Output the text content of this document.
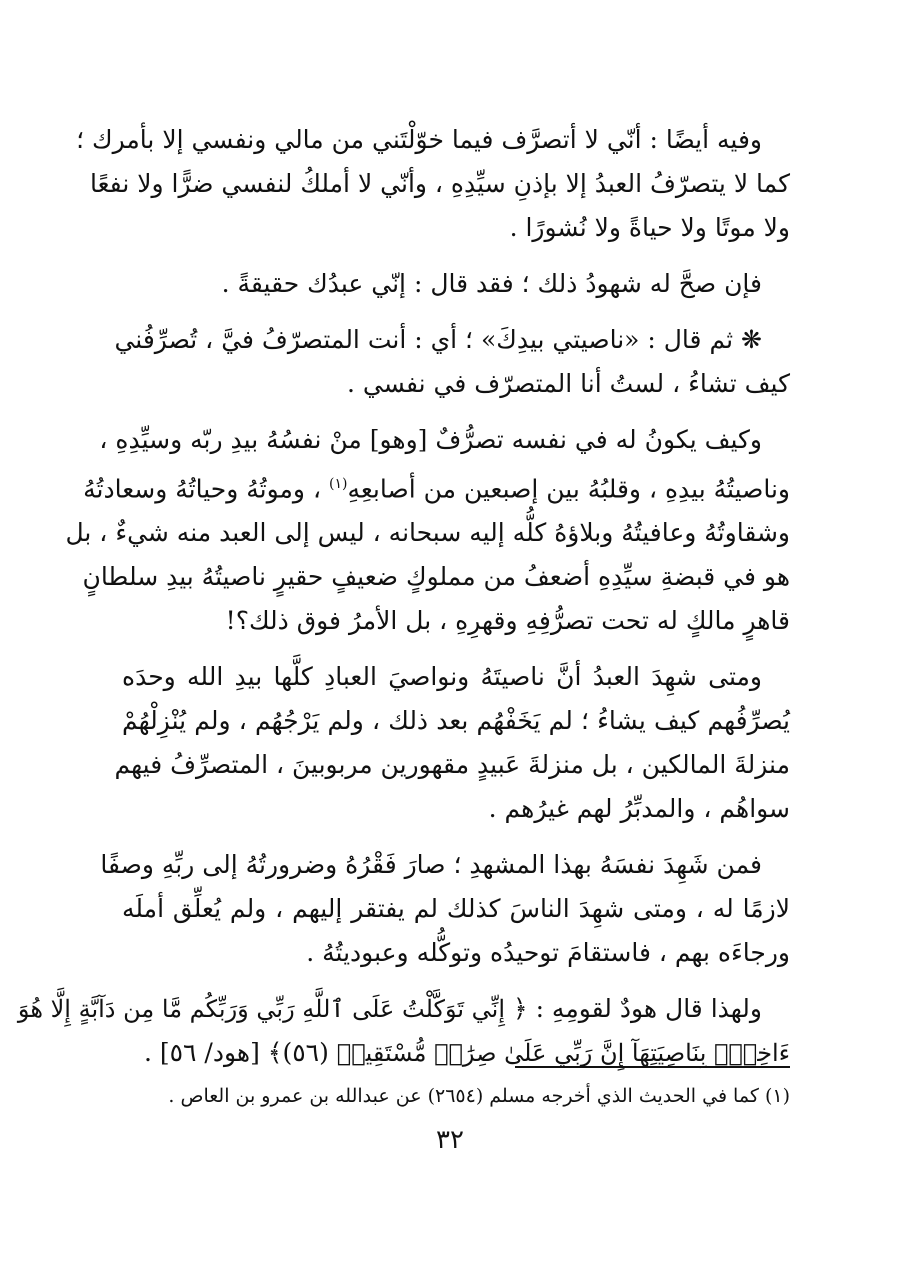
وفيه أيضًا : أنّي لا أتصرَّف فيما خوّلْتَني من مالي ونفسي إلا بأمرك ؛
كما لا يتصرّفُ العبدُ إلا بإذنِ سيِّدِهِ ، وأنّي لا أملكُ لنفسي ضرًّا ولا نفعًا
ولا موتًا ولا حياةً ولا نُشورًا .

فإن صحَّ له شهودُ ذلك ؛ فقد قال : إنّي عبدُك حقيقةً .

❋ثم قال : «ناصيتي بيدِكَ» ؛ أي : أنت المتصرّفُ فيَّ ، تُصرِّفُني
كيف تشاءُ ، لستُ أنا المتصرّف في نفسي .

وكيف يكونُ له في نفسه تصرُّفٌ [وهو] منْ نفسُهُ بيدِ ربّه وسيِّدِهِ ،
وناصيتُهُ بيدِهِ ، وقلبُهُ بين إصبعين من أصابعِهِ$^{(١)}$ ، وموتُهُ وحياتُهُ وسعادتُهُ
وشقاوتُهُ وعافيتُهُ وبلاؤهُ كلُّه إليه سبحانه ، ليس إلى العبد منه شيءٌ ، بل
هو في قبضةِ سيِّدِهِ أضعفُ من مملوكٍ ضعيفٍ حقيرٍ ناصيتُهُ بيدِ سلطانٍ
قاهرٍ مالكٍ له تحت تصرُّفِهِ وقهرِهِ ، بل الأمرُ فوق ذلك؟!

ومتى شهِدَ العبدُ أنَّ ناصيتَهُ ونواصيَ العبادِ كلَّها بيدِ الله وحدَه
يُصرِّفُهم كيف يشاءُ ؛ لم يَخَفْهُم بعد ذلك ، ولم يَرْجُهُم ، ولم يُنْزِلْهُمْ
منزلةَ المالكين ، بل منزلةَ عَبيدٍ مقهورين مربوبينَ ، المتصرِّفُ فيهم
سواهُم ، والمدبِّرُ لهم غيرُهم .

فمن شَهِدَ نفسَهُ بهذا المشهدِ ؛ صارَ فَقْرُهُ وضرورتُهُ إلى ربِّهِ وصفًا
لازمًا له ، ومتى شهِدَ الناسَ كذلك لم يفتقر إليهم ، ولم يُعلِّق أملَه
ورجاءَه بهم ، فاستقامَ توحيدُه وتوكُّله وعبوديتُهُ .

ولهذا قال هودٌ لقومِهِ : ﴿ إِنِّي تَوَكَّلْتُ عَلَى ٱللَّهِ رَبِّي وَرَبِّكُم مَّا مِن دَآبَّةٍ إِلَّا هُوَ
ءَاخِذُۢ بِنَاصِيَتِهَآ إِنَّ رَبِّي عَلَىٰ صِرَٰطٖ مُّسْتَقِيمٖ (٥٦)﴾ [هود/ ٥٦] .

(١) كما في الحديث الذي أخرجه مسلم (٢٦٥٤) عن عبدالله بن عمرو بن العاص .
٣٢
